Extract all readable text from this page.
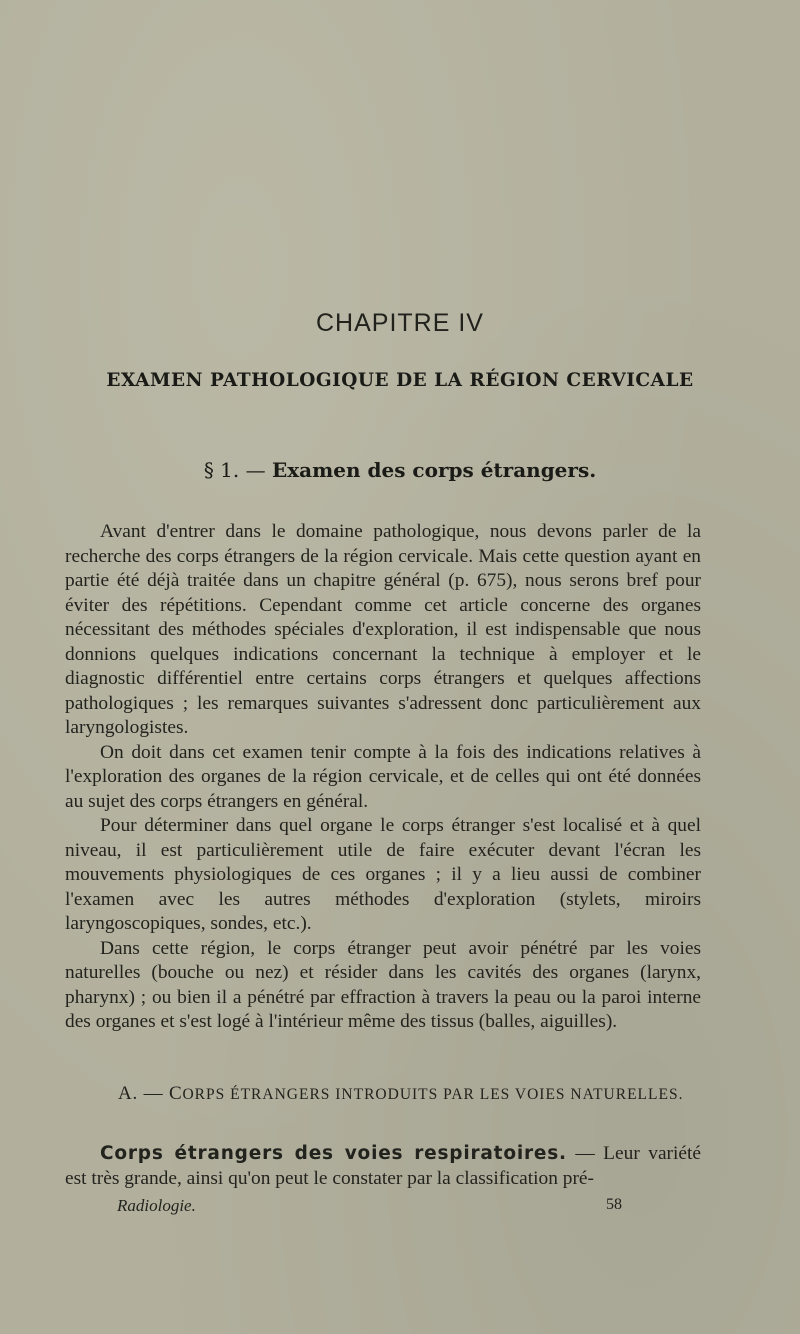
CHAPITRE IV
EXAMEN PATHOLOGIQUE DE LA RÉGION CERVICALE
§ 1. — Examen des corps étrangers.

Avant d'entrer dans le domaine pathologique, nous devons parler de la recherche des corps étrangers de la région cervicale. Mais cette question ayant en partie été déjà traitée dans un chapitre général (p. 675), nous serons bref pour éviter des répétitions. Cependant comme cet article concerne des organes nécessitant des méthodes spéciales d'exploration, il est indispensable que nous donnions quelques indications concernant la technique à employer et le diagnostic différentiel entre certains corps étrangers et quelques affections pathologiques ; les remarques suivantes s'adressent donc particulièrement aux laryngologistes.

On doit dans cet examen tenir compte à la fois des indications relatives à l'exploration des organes de la région cervicale, et de celles qui ont été données au sujet des corps étrangers en général.

Pour déterminer dans quel organe le corps étranger s'est localisé et à quel niveau, il est particulièrement utile de faire exécuter devant l'écran les mouvements physiologiques de ces organes ; il y a lieu aussi de combiner l'examen avec les autres méthodes d'exploration (stylets, miroirs laryngoscopiques, sondes, etc.).

Dans cette région, le corps étranger peut avoir pénétré par les voies naturelles (bouche ou nez) et résider dans les cavités des organes (larynx, pharynx) ; ou bien il a pénétré par effraction à travers la peau ou la paroi interne des organes et s'est logé à l'intérieur même des tissus (balles, aiguilles).

A. — CORPS ÉTRANGERS INTRODUITS PAR LES VOIES NATURELLES.
Corps étrangers des voies respiratoires. — Leur variété est très grande, ainsi qu'on peut le constater par la classification pré-
Radiologie.	58
